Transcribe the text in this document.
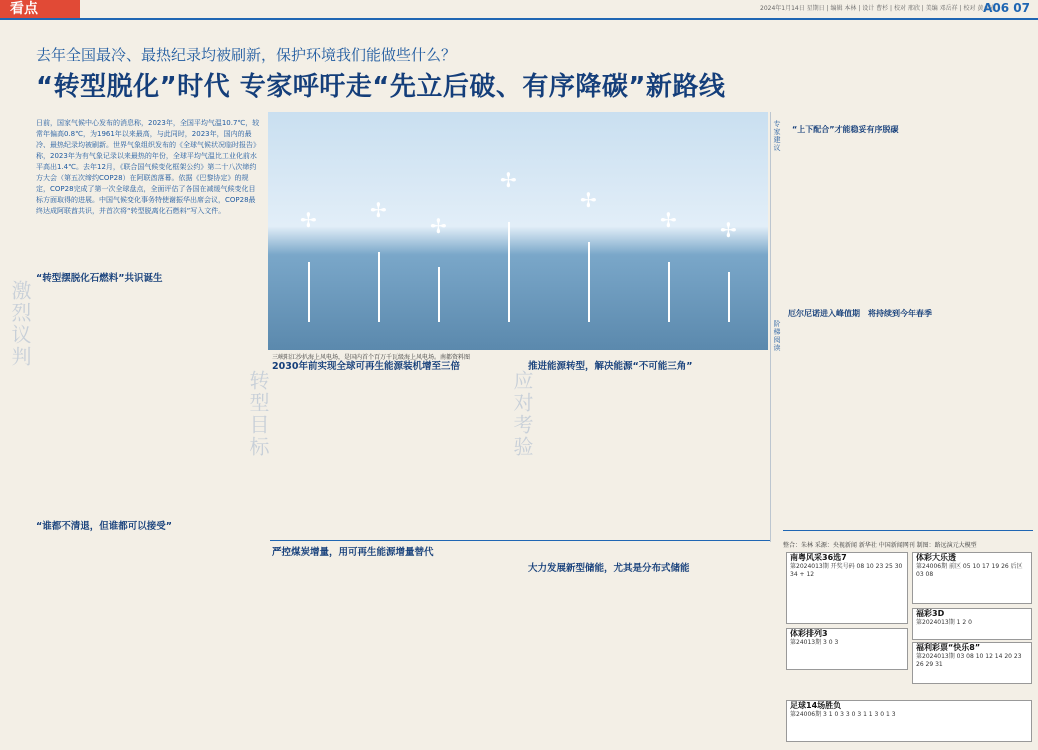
看点	2024年1月14日 星期日 | 编辑 本林 | 设计 曹杉 | 校对 邢欣 | 美编 邓岳祥 | 校对 黄永光
A06 07
去年全国最冷、最热纪录均被刷新，保护环境我们能做些什么？
“转型脱化”时代 专家呼吁走“先立后破、有序降碳”新路线
日前，国家气候中心发布的消息称，2023年，全国平均气温10.7℃，较常年偏高0.8℃，为1961年以来最高，与此同时，2023年，国内的最冷、最热纪录均被刷新。世界气象组织发布的《全球气候状况临时报告》称，2023年为有气象记录以来最热的年份，全球平均气温比工业化前水平高出1.4℃。去年12月，《联合国气候变化框架公约》第二十八次缔约方大会（第五次缔约COP28）在阿联酋落幕。依据《巴黎协定》的规定，COP28完成了第一次全球盘点，全面评估了各国在减缓气候变化目标方面取得的进展。中国气候变化事务特使谢振华出席会议，COP28最终达成阿联酋共识，并首次将“转型脱离化石燃料”写入文件。	✢	✢
✢
✢
✢
✢ ✢
三峡阳江沙扒海上风电场，是国内首个百万千瓦级海上风电场。南都资料图
激烈议判
转型目标	应对考验
“转型摆脱化石燃料”共识诞生
“谁都不清退，但谁都可以接受”
2030年前实现全球可再生能源装机增至三倍	推进能源转型，解决能源“不可能三角”
严控煤炭增量，用可再生能源增量替代
大力发展新型储能，尤其是分布式储能
专家建议
阶梯阅读
“上下配合”才能稳妥有序脱碳
厄尔尼诺进入峰值期　将持续到今年春季
整合：朱林 采源：央视新闻 新华社 中国新闻网刊 制图：路远演元大模型
南粤风采36选7
第2024013期 开奖号码 08 10 23 25 30 34 + 12
体彩大乐透
第24006期 前区 05 10 17 19 26 后区 03 08
体彩排列3
第24013期 3 0 3
福彩3D
第2024013期 1 2 0
福利彩票“快乐8”
第2024013期 03 08 10 12 14 20 23 26 29 31
足球14场胜负
第24006期 3 1 0 3 3 0 3 1 1 3 0 1 3
